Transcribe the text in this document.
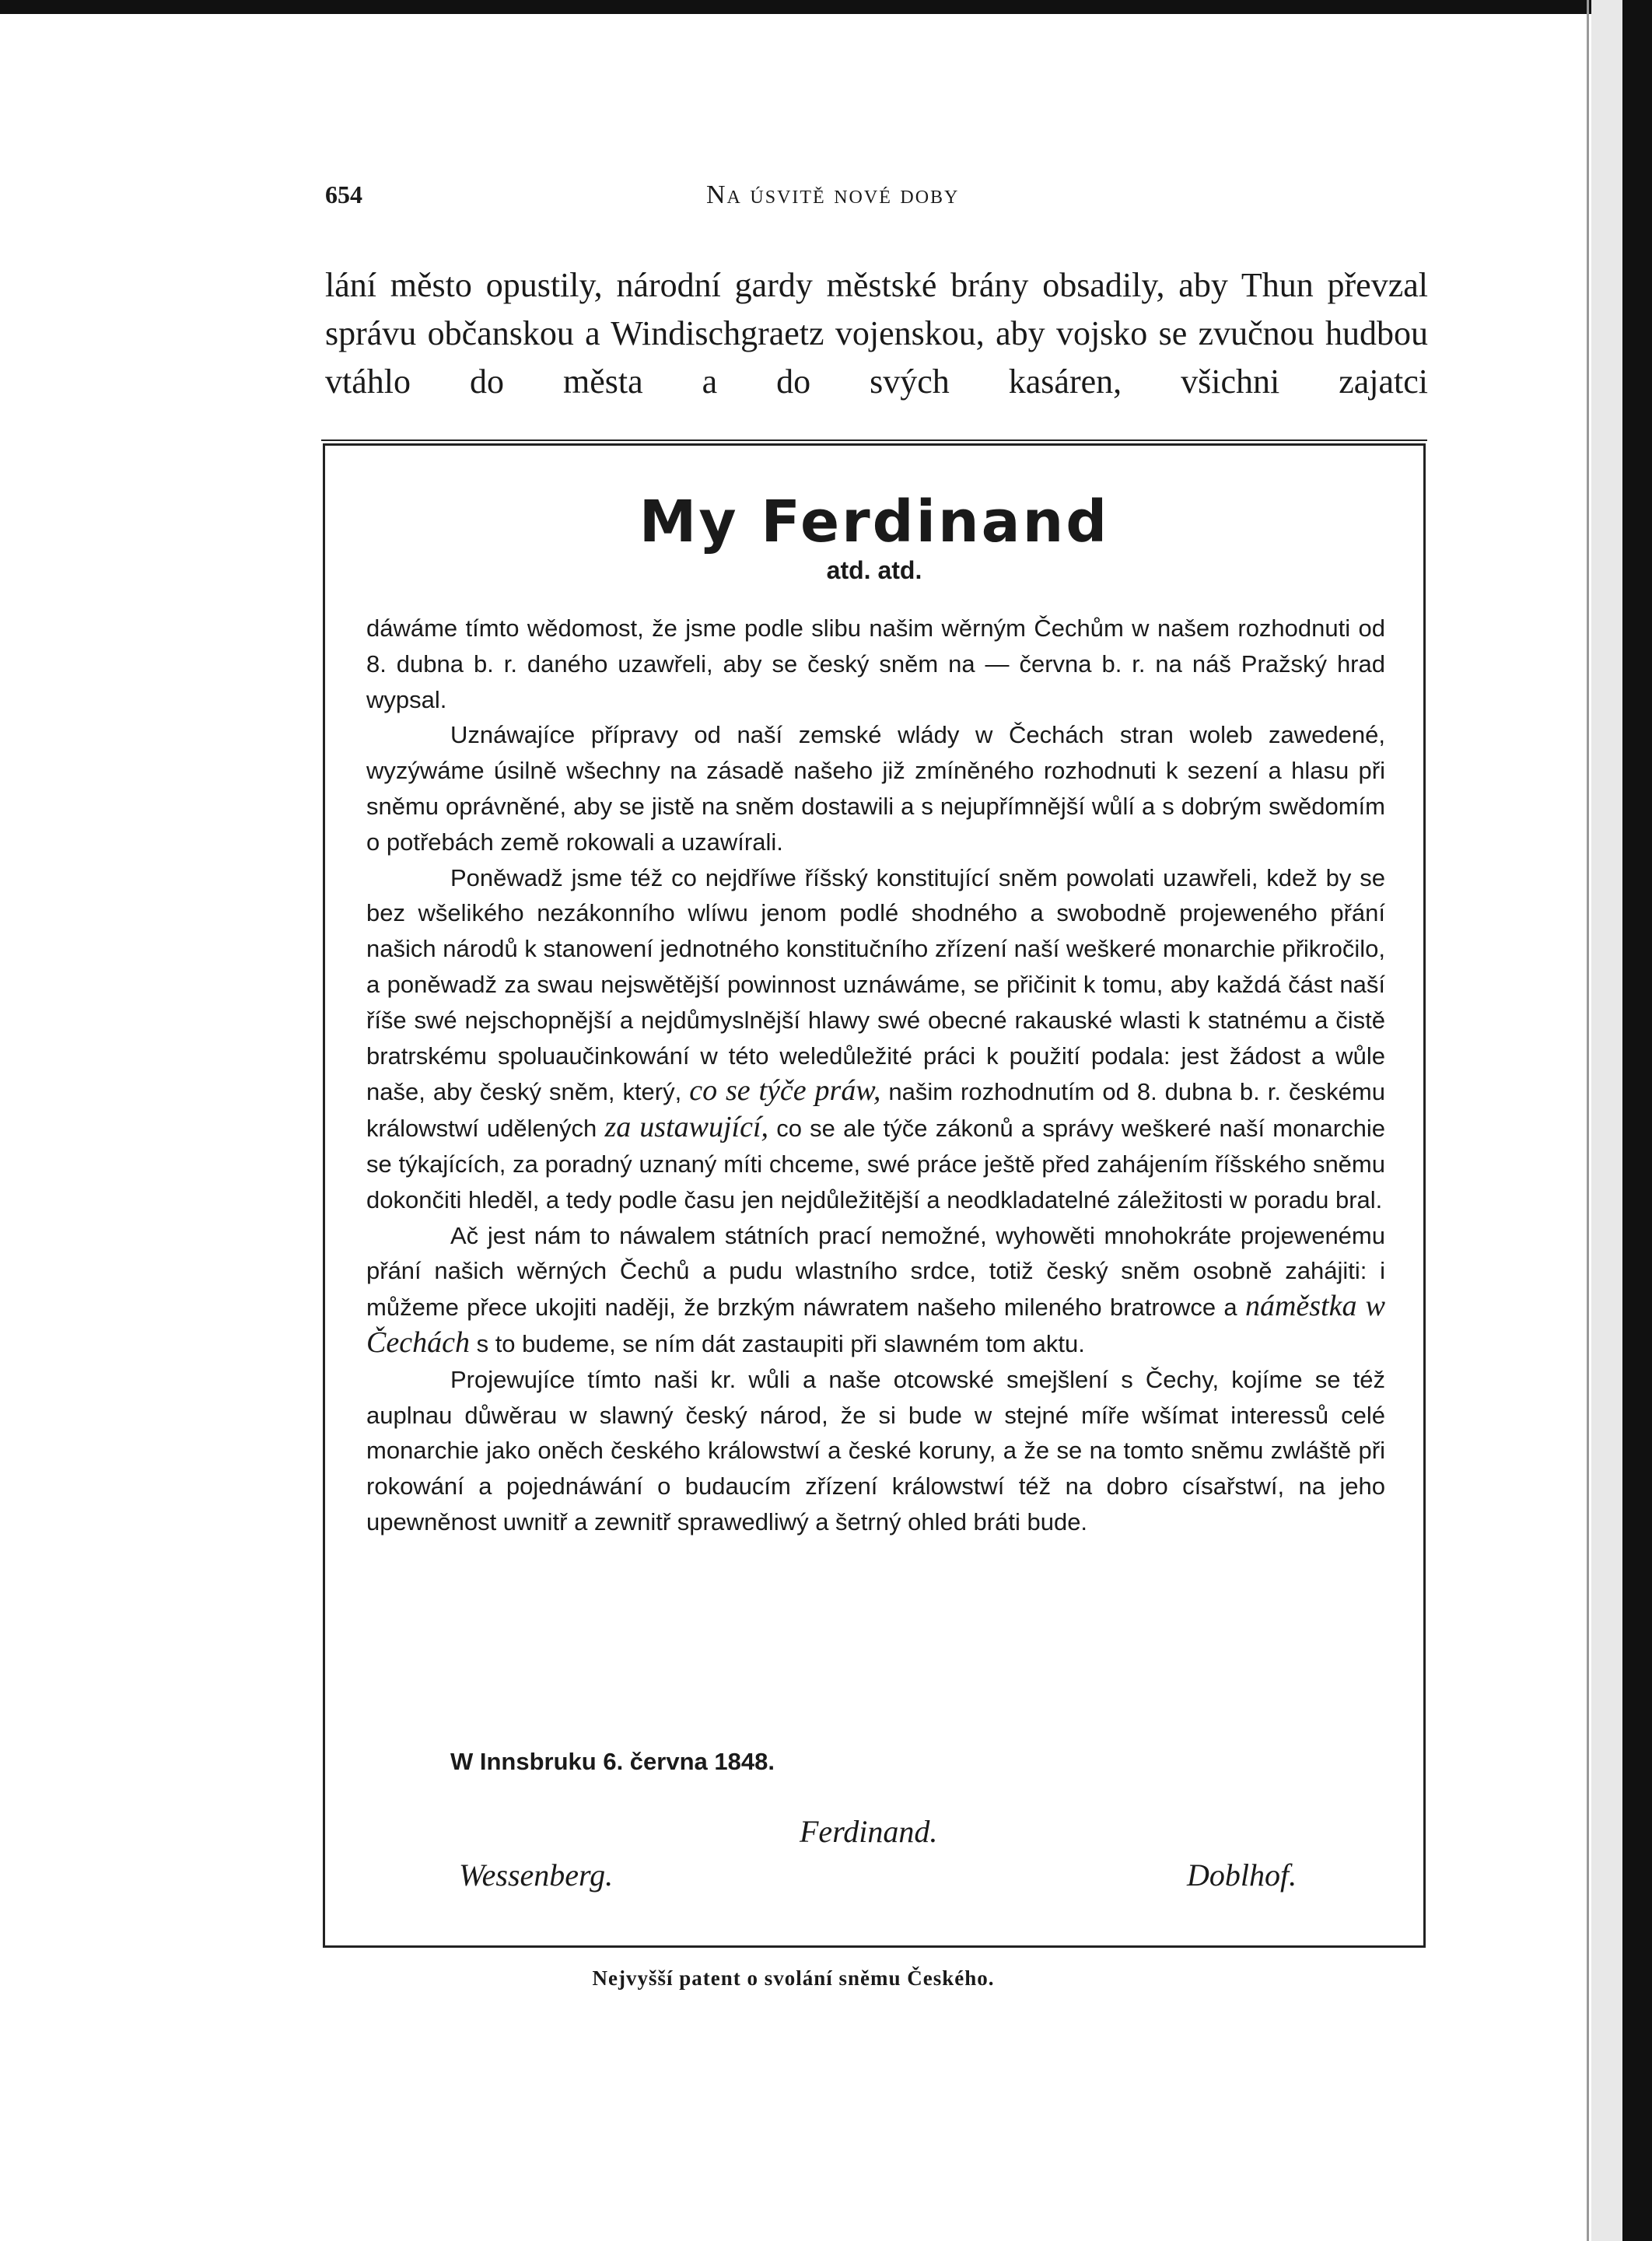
654	Na úsvitě nové doby

lání město opustily, národní gardy městské brány obsadily, aby Thun převzal správu občanskou a Windischgraetz vojenskou, aby vojsko se zvučnou hudbou vtáhlo do města a do svých kasáren, všichni zajatci

My Ferdinand
atd. atd.

dáwáme tímto wědomost, že jsme podle slibu našim wěrným Čechům w našem rozhodnuti od 8. dubna b. r. daného uzawřeli, aby se český sněm na — června b. r. na náš Pražský hrad wypsal.

Uznáwajíce přípravy od naší zemské wlády w Čechách stran woleb zawedené, wyzýwáme úsilně wšechny na zásadě našeho již zmíněného rozhodnuti k sezení a hlasu při sněmu oprávněné, aby se jistě na sněm dostawili a s nejupřímnější wůlí a s dobrým swědomím o potřebách země rokowali a uzawírali.

Poněwadž jsme též co nejdříwe říšský konstitující sněm powolati uzawřeli, kdež by se bez wšelikého nezákonního wlíwu jenom podlé shodného a swobodně projeweného přání našich národů k stanowení jednotného konstitučního zřízení naší weškeré monarchie přikročilo, a poněwadž za swau nejswětější powinnost uznáwáme, se přičinit k tomu, aby každá část naší říše swé nejschopnější a nejdůmyslnější hlawy swé obecné rakauské wlasti k statnému a čistě bratrskému spoluaučinkowání w této weledůležité práci k použití podala: jest žádost a wůle naše, aby český sněm, který, co se týče práw, našim rozhodnutím od 8. dubna b. r. českému králowstwí udělených za ustawující, co se ale týče zákonů a správy weškeré naší monarchie se týkajících, za poradný uznaný míti chceme, swé práce ještě před zahájením říšského sněmu dokončiti hleděl, a tedy podle času jen nejdůležitější a neodkladatelné záležitosti w poradu bral.

Ač jest nám to náwalem státních prací nemožné, wyhowěti mnohokráte projewenému přání našich wěrných Čechů a pudu wlastního srdce, totiž český sněm osobně zahájiti: i můžeme přece ukojiti naději, že brzkým náwratem našeho mileného bratrowce a náměstka w Čechách s to budeme, se ním dát zastaupiti při slawném tom aktu.

Projewujíce tímto naši kr. wůli a naše otcowské smejšlení s Čechy, kojíme se též auplnau důwěrau w slawný český národ, že si bude w stejné míře wšímat interessů celé monarchie jako oněch českého králowstwí a české koruny, a že se na tomto sněmu zwláště při rokowání a pojednáwání o budaucím zřízení králowstwí též na dobro císařstwí, na jeho upewněnost uwnitř a zewnitř sprawedliwý a šetrný ohled bráti bude.

W Innsbruku 6. června 1848.
Ferdinand.
Wessenberg.	Doblhof.
Nejvyšší patent o svolání sněmu Českého.
